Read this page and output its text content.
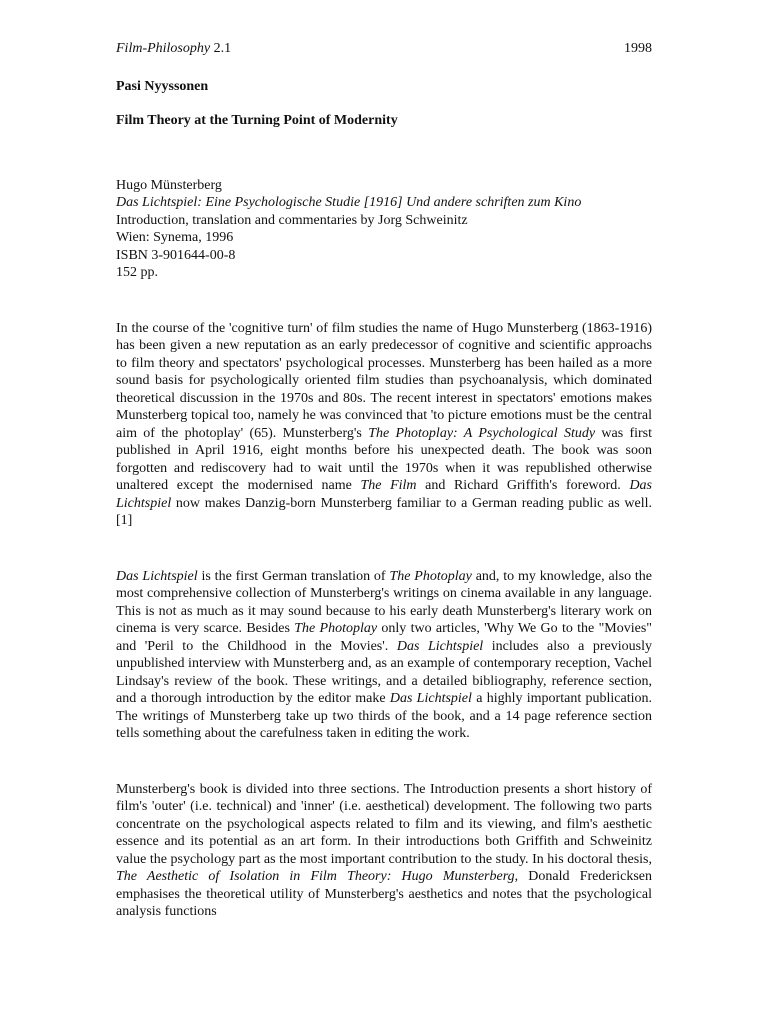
Film-Philosophy 2.1	1998
Pasi Nyyssonen
Film Theory at the Turning Point of Modernity
Hugo Münsterberg
Das Lichtspiel: Eine Psychologische Studie [1916] Und andere schriften zum Kino
Introduction, translation and commentaries by Jorg Schweinitz
Wien: Synema, 1996
ISBN 3-901644-00-8
152 pp.

In the course of the 'cognitive turn' of film studies the name of Hugo Munsterberg (1863-1916) has been given a new reputation as an early predecessor of cognitive and scientific approachs to film theory and spectators' psychological processes. Munsterberg has been hailed as a more sound basis for psychologically oriented film studies than psychoanalysis, which dominated theoretical discussion in the 1970s and 80s. The recent interest in spectators' emotions makes Munsterberg topical too, namely he was convinced that 'to picture emotions must be the central aim of the photoplay' (65). Munsterberg's The Photoplay: A Psychological Study was first published in April 1916, eight months before his unexpected death. The book was soon forgotten and rediscovery had to wait until the 1970s when it was republished otherwise unaltered except the modernised name The Film and Richard Griffith's foreword. Das Lichtspiel now makes Danzig-born Munsterberg familiar to a German reading public as well. [1]

Das Lichtspiel is the first German translation of The Photoplay and, to my knowledge, also the most comprehensive collection of Munsterberg's writings on cinema available in any language. This is not as much as it may sound because to his early death Munsterberg's literary work on cinema is very scarce. Besides The Photoplay only two articles, 'Why We Go to the "Movies" and 'Peril to the Childhood in the Movies'. Das Lichtspiel includes also a previously unpublished interview with Munsterberg and, as an example of contemporary reception, Vachel Lindsay's review of the book. These writings, and a detailed bibliography, reference section, and a thorough introduction by the editor make Das Lichtspiel a highly important publication. The writings of Munsterberg take up two thirds of the book, and a 14 page reference section tells something about the carefulness taken in editing the work.

Munsterberg's book is divided into three sections. The Introduction presents a short history of film's 'outer' (i.e. technical) and 'inner' (i.e. aesthetical) development. The following two parts concentrate on the psychological aspects related to film and its viewing, and film's aesthetic essence and its potential as an art form. In their introductions both Griffith and Schweinitz value the psychology part as the most important contribution to the study. In his doctoral thesis, The Aesthetic of Isolation in Film Theory: Hugo Munsterberg, Donald Fredericksen emphasises the theoretical utility of Munsterberg's aesthetics and notes that the psychological analysis functions
